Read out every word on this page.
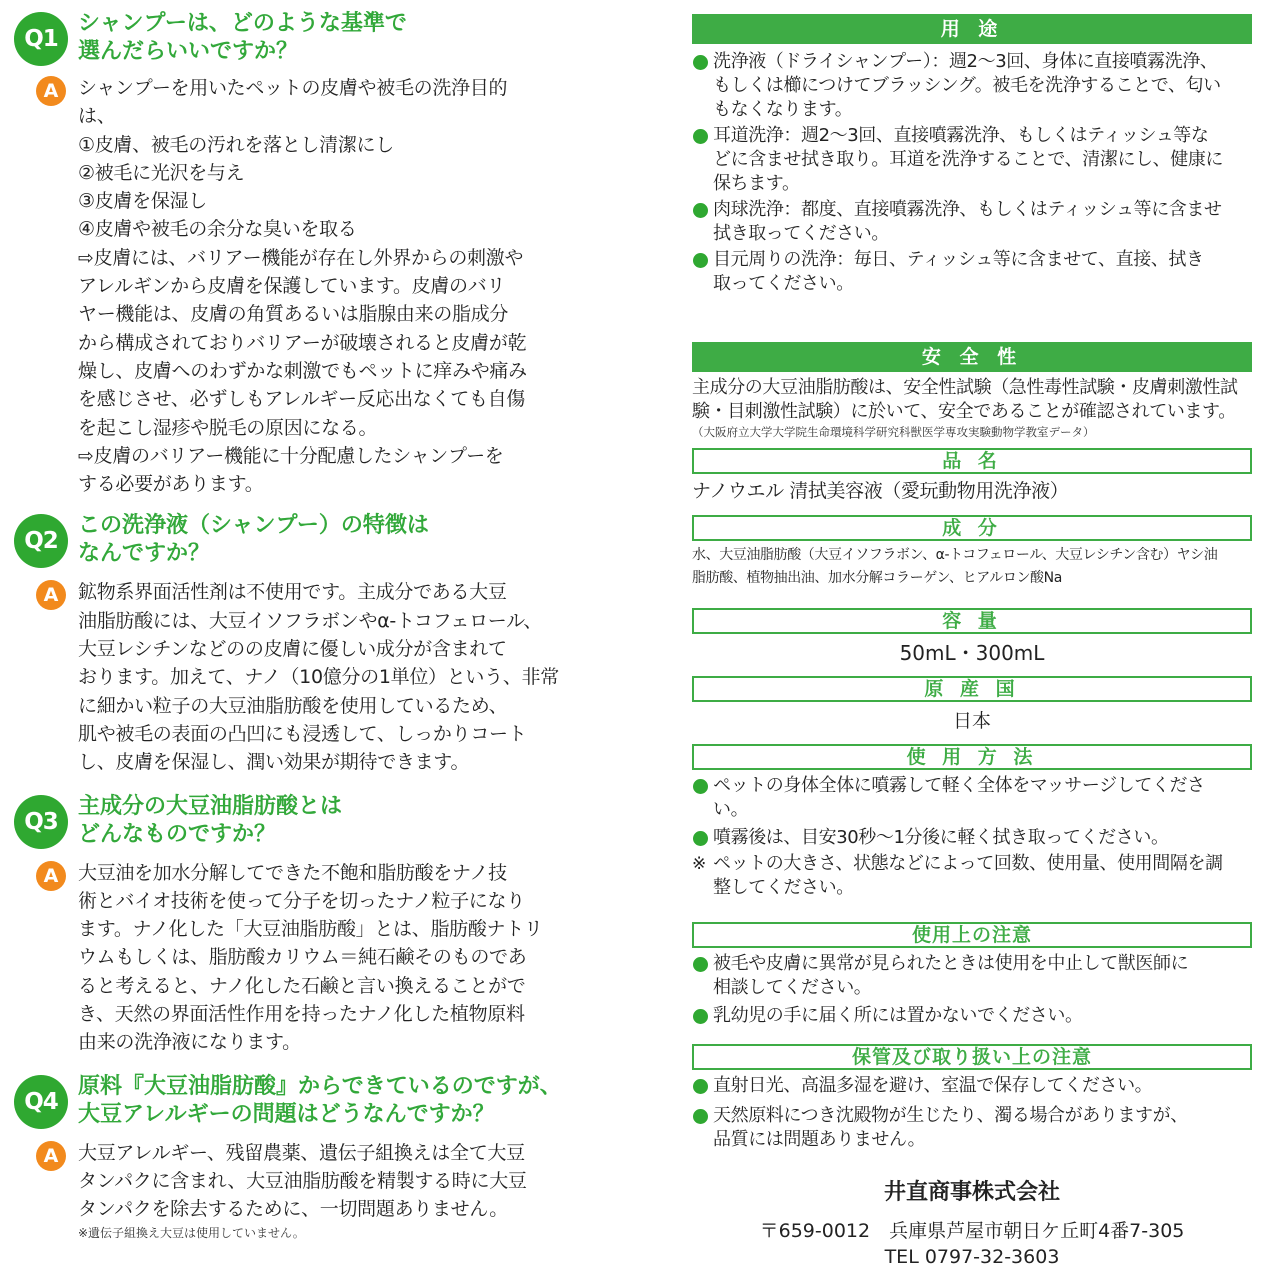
Q1
シャンプーは、どのような基準で
選んだらいいですか？
A	シャンプーを用いたペットの皮膚や被毛の洗浄目的
は、
①皮膚、被毛の汚れを落とし清潔にし
②被毛に光沢を与え
③皮膚を保湿し
④皮膚や被毛の余分な臭いを取る
⇨皮膚には、バリアー機能が存在し外界からの刺激や
アレルギンから皮膚を保護しています。皮膚のバリ
ヤー機能は、皮膚の角質あるいは脂腺由来の脂成分
から構成されておりバリアーが破壊されると皮膚が乾
燥し、皮膚へのわずかな刺激でもペットに痒みや痛み
を感じさせ、必ずしもアレルギー反応出なくても自傷
を起こし湿疹や脱毛の原因になる。
⇨皮膚のバリアー機能に十分配慮したシャンプーを
する必要があります。
Q2
この洗浄液（シャンプー）の特徴は
なんですか？
A	鉱物系界面活性剤は不使用です。主成分である大豆
油脂肪酸には、大豆イソフラボンやα-トコフェロール、
大豆レシチンなどのの皮膚に優しい成分が含まれて
おります。加えて、ナノ（10億分の1単位）という、非常
に細かい粒子の大豆油脂肪酸を使用しているため、
肌や被毛の表面の凸凹にも浸透して、しっかりコート
し、皮膚を保湿し、潤い効果が期待できます。
Q3
主成分の大豆油脂肪酸とは
どんなものですか？
A	大豆油を加水分解してできた不飽和脂肪酸をナノ技
術とバイオ技術を使って分子を切ったナノ粒子になり
ます。ナノ化した「大豆油脂肪酸」とは、脂肪酸ナトリ
ウムもしくは、脂肪酸カリウム＝純石鹸そのものであ
ると考えると、ナノ化した石鹸と言い換えることがで
き、天然の界面活性作用を持ったナノ化した植物原料
由来の洗浄液になります。
Q4
原料『大豆油脂肪酸』からできているのですが、
大豆アレルギーの問題はどうなんですか？
A	大豆アレルギー、残留農薬、遺伝子組換えは全て大豆
タンパクに含まれ、大豆油脂肪酸を精製する時に大豆
タンパクを除去するために、一切問題ありません。
※遺伝子組換え大豆は使用していません。
用 途
洗浄液（ドライシャンプー）：週2～3回、身体に直接噴霧洗浄、
もしくは櫛につけてブラッシング。被毛を洗浄することで、匂い
もなくなります。
耳道洗浄：週2～3回、直接噴霧洗浄、もしくはティッシュ等な
どに含ませ拭き取り。耳道を洗浄することで、清潔にし、健康に
保ちます。
肉球洗浄：都度、直接噴霧洗浄、もしくはティッシュ等に含ませ
拭き取ってください。
目元周りの洗浄：毎日、ティッシュ等に含ませて、直接、拭き
取ってください。
安 全 性
主成分の大豆油脂肪酸は、安全性試験（急性毒性試験・皮膚刺激性試
験・目刺激性試験）に於いて、安全であることが確認されています。
（大阪府立大学大学院生命環境科学研究科獣医学専攻実験動物学教室データ）
品 名
ナノウエル 清拭美容液（愛玩動物用洗浄液）
成 分
水、大豆油脂肪酸（大豆イソフラボン、α-トコフェロール、大豆レシチン含む）ヤシ油
脂肪酸、植物抽出油、加水分解コラーゲン、ヒアルロン酸Na
容 量
50mL・300mL
原 産 国
日本
使 用 方 法
ペットの身体全体に噴霧して軽く全体をマッサージしてくださ
い。
噴霧後は、目安30秒～1分後に軽く拭き取ってください。
※ ペットの大きさ、状態などによって回数、使用量、使用間隔を調
整してください。
使用上の注意
被毛や皮膚に異常が見られたときは使用を中止して獣医師に
相談してください。
乳幼児の手に届く所には置かないでください。
保管及び取り扱い上の注意
直射日光、高温多湿を避け、室温で保存してください。
天然原料につき沈殿物が生じたり、濁る場合がありますが、
品質には問題ありません。
井直商事株式会社
〒659-0012　兵庫県芦屋市朝日ケ丘町4番7-305
TEL 0797-32-3603
